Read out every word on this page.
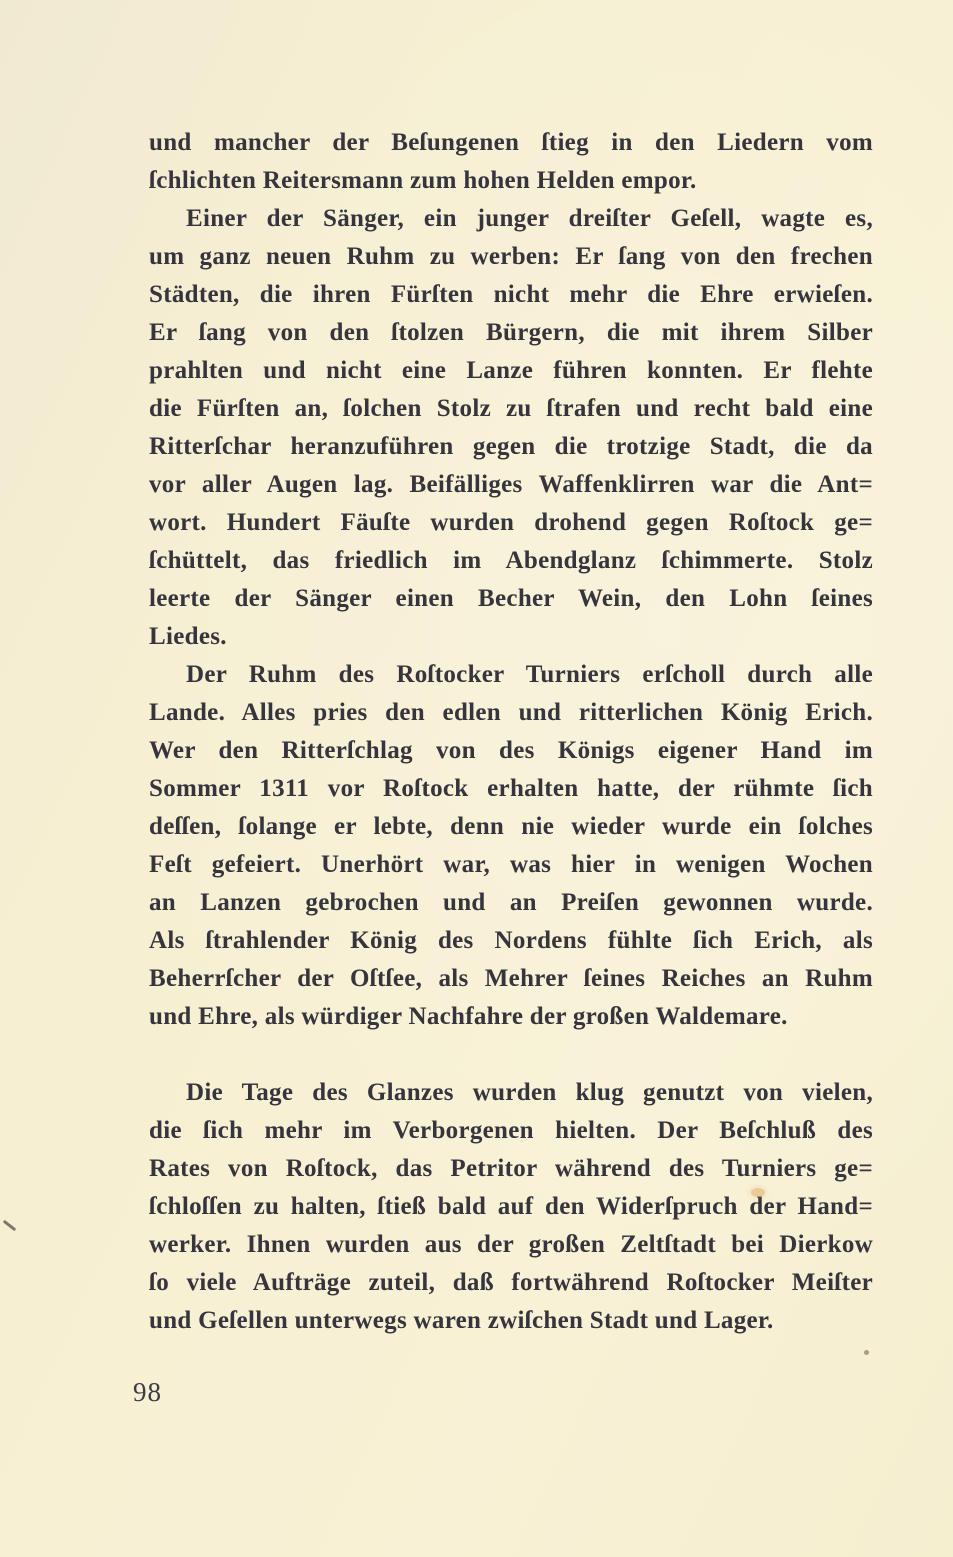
und mancher der Beſungenen ſtieg in den Liedern vom
ſchlichten Reitersmann zum hohen Helden empor.
Einer der Sänger, ein junger dreiſter Geſell, wagte es,
um ganz neuen Ruhm zu werben: Er ſang von den frechen
Städten, die ihren Fürſten nicht mehr die Ehre erwieſen.
Er ſang von den ſtolzen Bürgern, die mit ihrem Silber
prahlten und nicht eine Lanze führen konnten. Er flehte
die Fürſten an, ſolchen Stolz zu ſtrafen und recht bald eine
Ritterſchar heranzuführen gegen die trotzige Stadt, die da
vor aller Augen lag. Beifälliges Waffenklirren war die Ant=
wort. Hundert Fäuſte wurden drohend gegen Roſtock ge=
ſchüttelt, das friedlich im Abendglanz ſchimmerte. Stolz
leerte der Sänger einen Becher Wein, den Lohn ſeines
Liedes.
Der Ruhm des Roſtocker Turniers erſcholl durch alle
Lande. Alles pries den edlen und ritterlichen König Erich.
Wer den Ritterſchlag von des Königs eigener Hand im
Sommer 1311 vor Roſtock erhalten hatte, der rühmte ſich
deſſen, ſolange er lebte, denn nie wieder wurde ein ſolches
Feſt gefeiert. Unerhört war, was hier in wenigen Wochen
an Lanzen gebrochen und an Preiſen gewonnen wurde.
Als ſtrahlender König des Nordens fühlte ſich Erich, als
Beherrſcher der Oſtſee, als Mehrer ſeines Reiches an Ruhm
und Ehre, als würdiger Nachfahre der großen Waldemare.
Die Tage des Glanzes wurden klug genutzt von vielen,
die ſich mehr im Verborgenen hielten. Der Beſchluß des
Rates von Roſtock, das Petritor während des Turniers ge=
ſchloſſen zu halten, ſtieß bald auf den Widerſpruch der Hand=
werker. Ihnen wurden aus der großen Zeltſtadt bei Dierkow
ſo viele Aufträge zuteil, daß fortwährend Roſtocker Meiſter
und Geſellen unterwegs waren zwiſchen Stadt und Lager.
98
